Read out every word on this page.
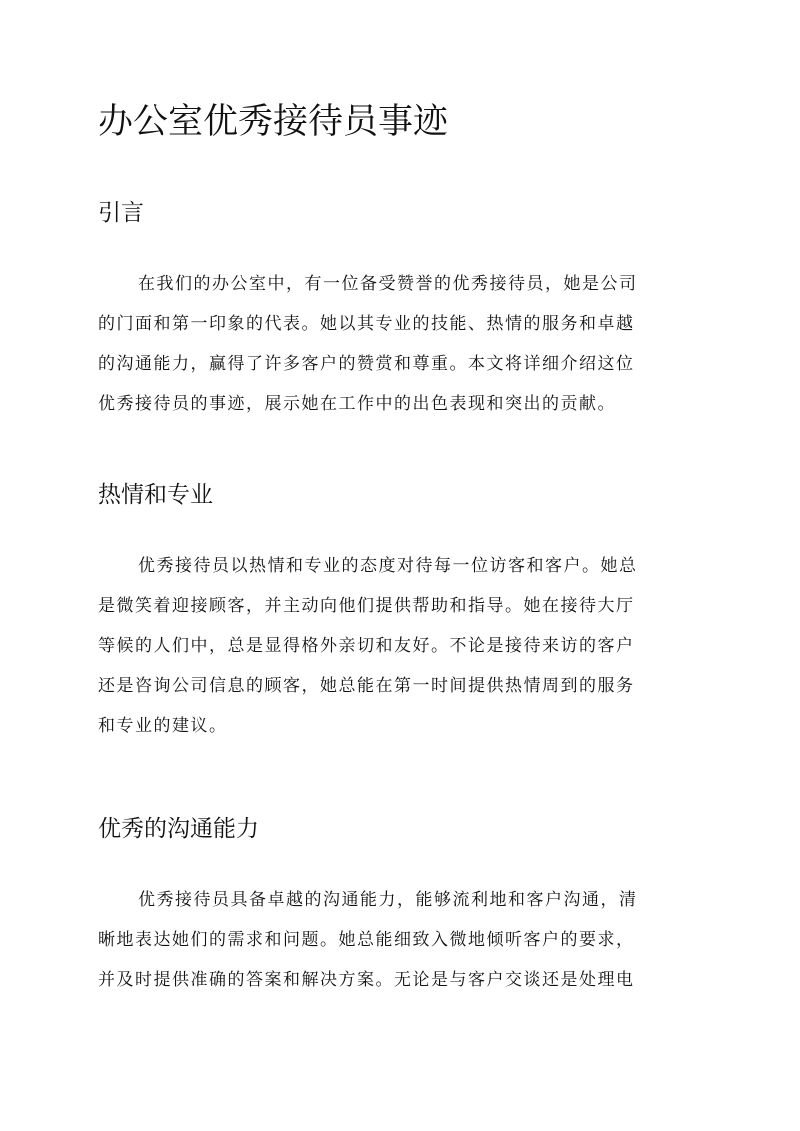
办公室优秀接待员事迹
引言
在我们的办公室中，有一位备受赞誉的优秀接待员，她是公司
的门面和第一印象的代表。她以其专业的技能、热情的服务和卓越
的沟通能力，赢得了许多客户的赞赏和尊重。本文将详细介绍这位
优秀接待员的事迹，展示她在工作中的出色表现和突出的贡献。
热情和专业
优秀接待员以热情和专业的态度对待每一位访客和客户。她总
是微笑着迎接顾客，并主动向他们提供帮助和指导。她在接待大厅
等候的人们中，总是显得格外亲切和友好。不论是接待来访的客户
还是咨询公司信息的顾客，她总能在第一时间提供热情周到的服务
和专业的建议。
优秀的沟通能力
优秀接待员具备卓越的沟通能力，能够流利地和客户沟通，清
晰地表达她们的需求和问题。她总能细致入微地倾听客户的要求，
并及时提供准确的答案和解决方案。无论是与客户交谈还是处理电
